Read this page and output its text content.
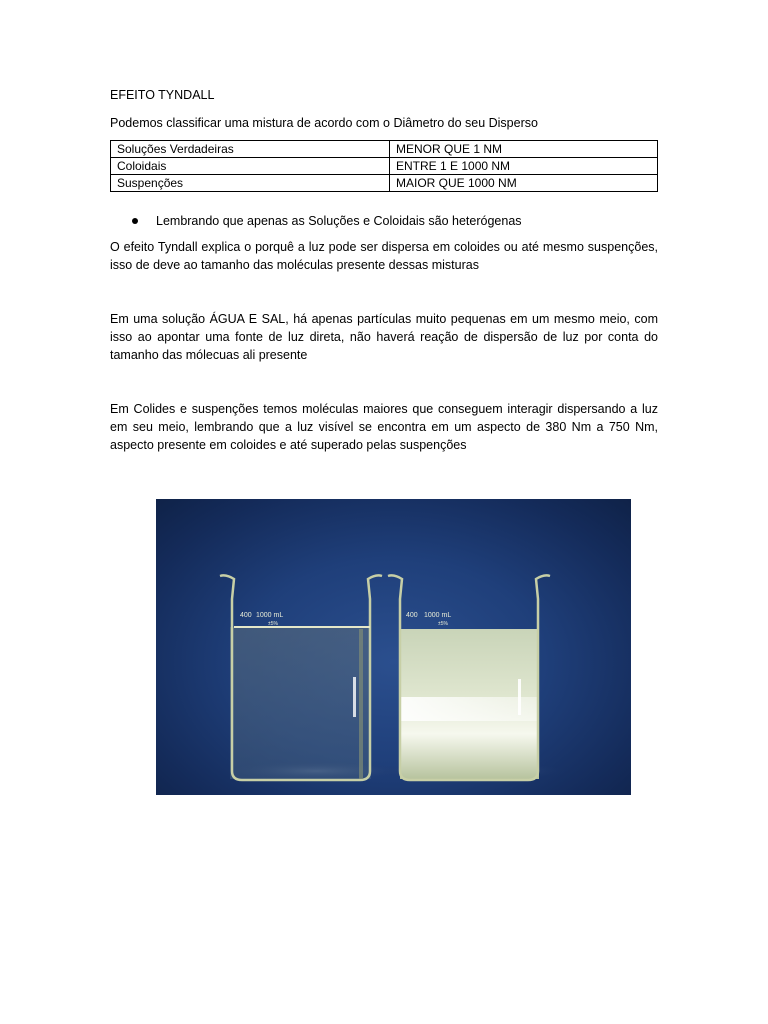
EFEITO TYNDALL
Podemos classificar uma mistura de acordo com o Diâmetro do seu Disperso
Soluções Verdadeiras	MENOR QUE 1 NM
Coloidais	ENTRE 1 E 1000 NM
Suspenções	MAIOR QUE 1000 NM
Lembrando que apenas as Soluções e Coloidais são heterógenas

O efeito Tyndall explica o porquê a luz pode ser dispersa em coloides ou até mesmo suspenções, isso de deve ao tamanho das moléculas presente dessas misturas

Em uma solução ÁGUA E SAL, há apenas partículas muito pequenas em um mesmo meio, com isso ao apontar uma fonte de luz direta, não haverá reação de dispersão de luz por conta do tamanho das mólecuas ali presente

Em Colides e suspenções temos moléculas maiores que conseguem interagir dispersando a luz em seu meio, lembrando que a luz visível se encontra em um aspecto de 380 Nm a 750 Nm, aspecto presente em coloides e até superado pelas suspenções

400 1000 mL
±5%
400 1000 mL
±5%
